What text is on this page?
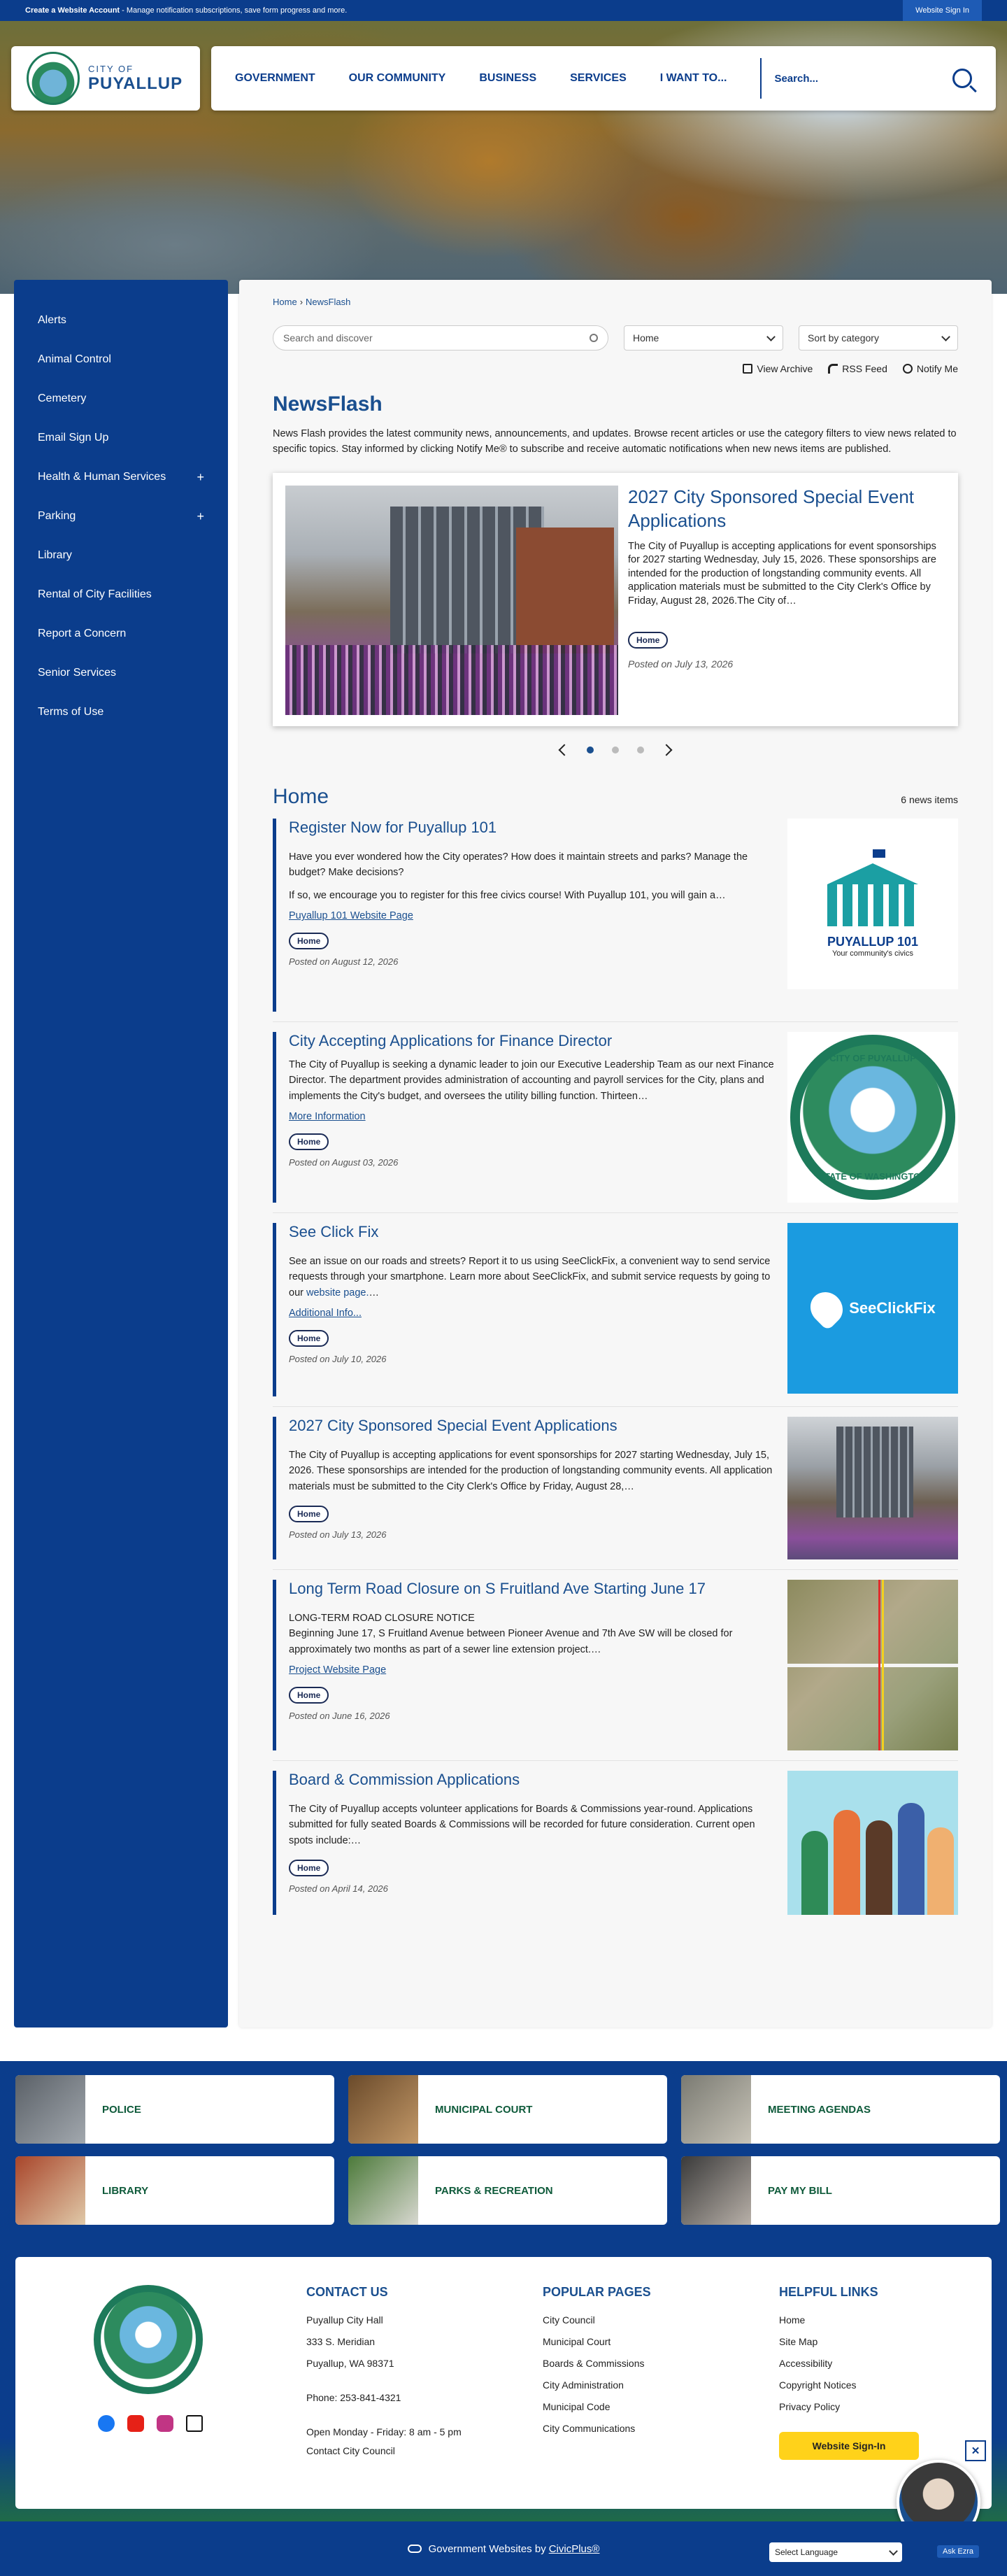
Create a Website Account - Manage notification subscriptions, save form progress and more.	Website Sign In
CITY OF
PUYALLUP	GOVERNMENT	OUR COMMUNITY	BUSINESS	SERVICES	I WANT TO...	Search...
Alerts
Animal Control
Cemetery
Email Sign Up
Health & Human Services +
Parking	+
Library
Rental of City Facilities
Report a Concern
Senior Services
Terms of Use
Home › NewsFlash
Search and discover	Home	Sort by category
View Archive	RSS Feed	Notify Me
NewsFlash
News Flash provides the latest community news, announcements, and updates. Browse recent articles or use the category filters to view news related to specific topics. Stay informed by clicking Notify Me® to subscribe and receive automatic notifications when new news items are published.
2027 City Sponsored Special Event Applications

The City of Puyallup is accepting applications for event sponsorships for 2027 starting Wednesday, July 15, 2026. These sponsorships are intended for the production of longstanding community events. All application materials must be submitted to the City Clerk's Office by Friday, August 28, 2026.The City of…

Home
Posted on July 13, 2026
Home	6 news items
Register Now for Puyallup 101
Have you ever wondered how the City operates? How does it maintain streets and parks? Manage the budget? Make decisions?
If so, we encourage you to register for this free civics course! With Puyallup 101, you will gain a…
Puyallup 101 Website Page
Home
Posted on August 12, 2026
PUYALLUP 101
Your community's civics
City Accepting Applications for Finance Director
The City of Puyallup is seeking a dynamic leader to join our Executive Leadership Team as our next Finance Director. The department provides administration of accounting and payroll services for the City, plans and implements the City's budget, and oversees the utility billing function. Thirteen…
More Information
Home
Posted on August 03, 2026
CITY OF PUYALLUP
STATE OF WASHINGTON
See Click Fix
See an issue on our roads and streets? Report it to us using SeeClickFix, a convenient way to send service requests through your smartphone. Learn more about SeeClickFix, and submit service requests by going to our website page.…
Additional Info...
Home
Posted on July 10, 2026
SeeClickFix
2027 City Sponsored Special Event Applications
The City of Puyallup is accepting applications for event sponsorships for 2027 starting Wednesday, July 15, 2026. These sponsorships are intended for the production of longstanding community events. All application materials must be submitted to the City Clerk's Office by Friday, August 28,…
Home
Posted on July 13, 2026
Long Term Road Closure on S Fruitland Ave Starting June 17
LONG-TERM ROAD CLOSURE NOTICE
Beginning June 17, S Fruitland Avenue between Pioneer Avenue and 7th Ave SW will be closed for approximately two months as part of a sewer line extension project.…
Project Website Page
Home
Posted on June 16, 2026
Board & Commission Applications
The City of Puyallup accepts volunteer applications for Boards & Commissions year-round. Applications submitted for fully seated Boards & Commissions will be recorded for future consideration. Current open spots include:…
Home
Posted on April 14, 2026
POLICE	MUNICIPAL COURT	MEETING AGENDAS
LIBRARY	PARKS & RECREATION	PAY MY BILL
CONTACT US
Puyallup City Hall
333 S. Meridian
Puyallup, WA 98371
Phone: 253-841-4321
Open Monday - Friday: 8 am - 5 pm
Contact City Council
POPULAR PAGES
City Council
Municipal Court
Boards & Commissions
City Administration
Municipal Code
City Communications
HELPFUL LINKS
Home
Site Map
Accessibility
Copyright Notices
Privacy Policy
Website Sign-In	✕
Government Websites by CivicPlus®	Select Language	Ask Ezra
